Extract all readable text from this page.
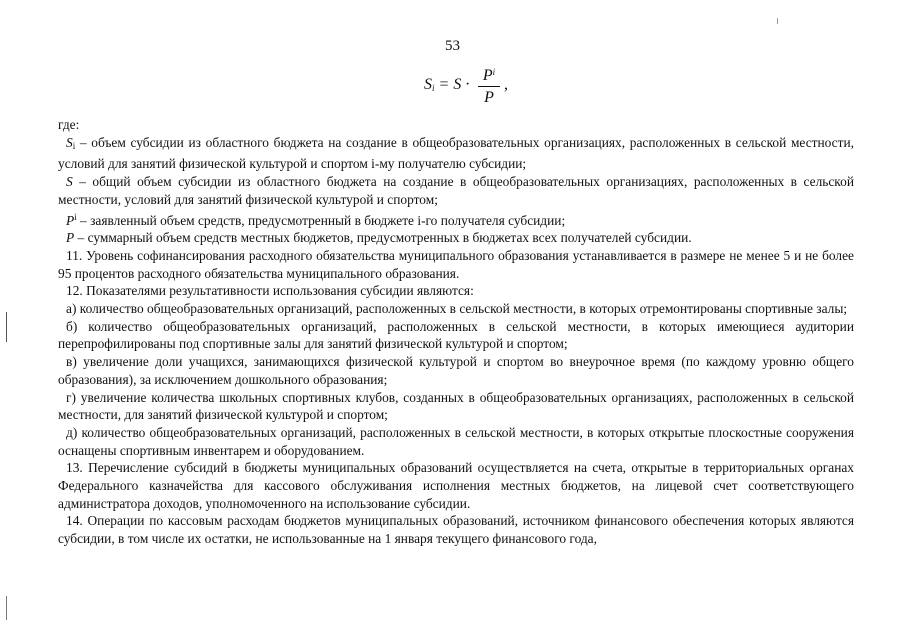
53
$S_i = S \cdot \frac{P^i}{P}$ ,

где:

$S_i$ – объем субсидии из областного бюджета на создание в общеобразовательных организациях, расположенных в сельской местности, условий для занятий физической культурой и спортом i-му получателю субсидии;

S – общий объем субсидии из областного бюджета на создание в общеобразовательных организациях, расположенных в сельской местности, условий для занятий физической культурой и спортом;

$P^i$ – заявленный объем средств, предусмотренный в бюджете i-го получателя субсидии;

P – суммарный объем средств местных бюджетов, предусмотренных в бюджетах всех получателей субсидии.

11. Уровень софинансирования расходного обязательства муниципального образования устанавливается в размере не менее 5 и не более 95 процентов расходного обязательства муниципального образования.

12. Показателями результативности использования субсидии являются:

а) количество общеобразовательных организаций, расположенных в сельской местности, в которых отремонтированы спортивные залы;

б) количество общеобразовательных организаций, расположенных в сельской местности, в которых имеющиеся аудитории перепрофилированы под спортивные залы для занятий физической культурой и спортом;

в) увеличение доли учащихся, занимающихся физической культурой и спортом во внеурочное время (по каждому уровню общего образования), за исключением дошкольного образования;

г) увеличение количества школьных спортивных клубов, созданных в общеобразовательных организациях, расположенных в сельской местности, для занятий физической культурой и спортом;

д) количество общеобразовательных организаций, расположенных в сельской местности, в которых открытые плоскостные сооружения оснащены спортивным инвентарем и оборудованием.

13. Перечисление субсидий в бюджеты муниципальных образований осуществляется на счета, открытые в территориальных органах Федерального казначейства для кассового обслуживания исполнения местных бюджетов, на лицевой счет соответствующего администратора доходов, уполномоченного на использование субсидии.

14. Операции по кассовым расходам бюджетов муниципальных образований, источником финансового обеспечения которых являются субсидии, в том числе их остатки, не использованные на 1 января текущего финансового года,
